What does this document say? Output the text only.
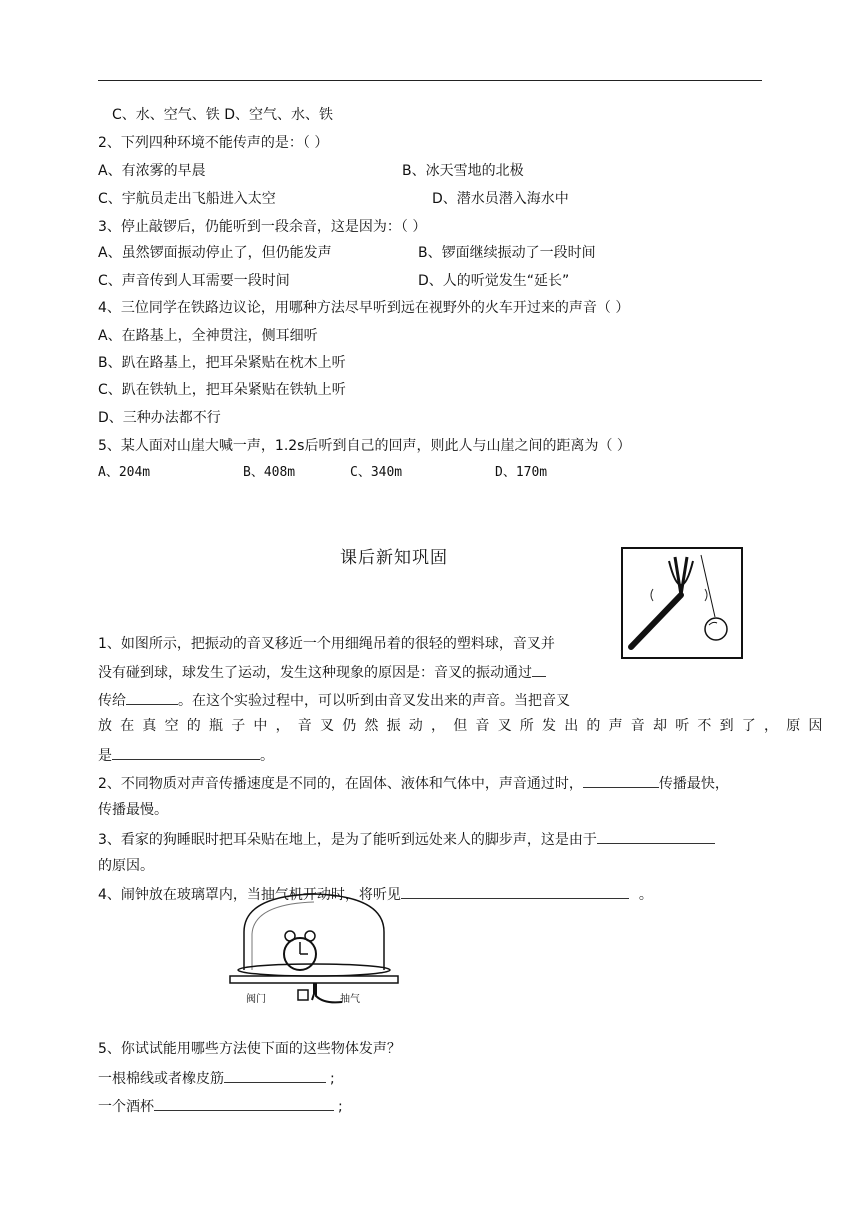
C、水、空气、铁 D、空气、水、铁
2、下列四种环境不能传声的是：（ ）
A、有浓雾的早晨	B、冰天雪地的北极
C、宇航员走出飞船进入太空	D、潜水员潜入海水中
3、停止敲锣后，仍能听到一段余音，这是因为：（ ）
A、虽然锣面振动停止了，但仍能发声	B、锣面继续振动了一段时间
C、声音传到人耳需要一段时间	D、人的听觉发生“延长”
4、三位同学在铁路边议论，用哪种方法尽早听到远在视野外的火车开过来的声音（ ）
A、在路基上，全神贯注，侧耳细听
B、趴在路基上，把耳朵紧贴在枕木上听
C、趴在铁轨上，把耳朵紧贴在铁轨上听
D、三种办法都不行
5、某人面对山崖大喊一声，1.2s后听到自己的回声，则此人与山崖之间的距离为（ ）
A、204m	B、408m	C、340m	D、170m
课后新知巩固
1、如图所示，把振动的音叉移近一个用细绳吊着的很轻的塑料球，音叉并
没有碰到球，球发生了运动，发生这种现象的原因是：音叉的振动通过
传给	。在这个实验过程中，可以听到由音叉发出来的声音。当把音叉
放在真空的瓶子中，音叉仍然振动，但音叉所发出的声音却听不到了，原因
是	。
2、不同物质对声音传播速度是不同的，在固体、液体和气体中，声音通过时，	传播最快，
传播最慢。
3、看家的狗睡眠时把耳朵贴在地上，是为了能听到远处来人的脚步声，这是由于
的原因。
4、闹钟放在玻璃罩内，当抽气机开动时，将听见	。
阀门	抽气
5、你试试能用哪些方法使下面的这些物体发声？
一根棉线或者橡皮筋	;
一个酒杯	;
